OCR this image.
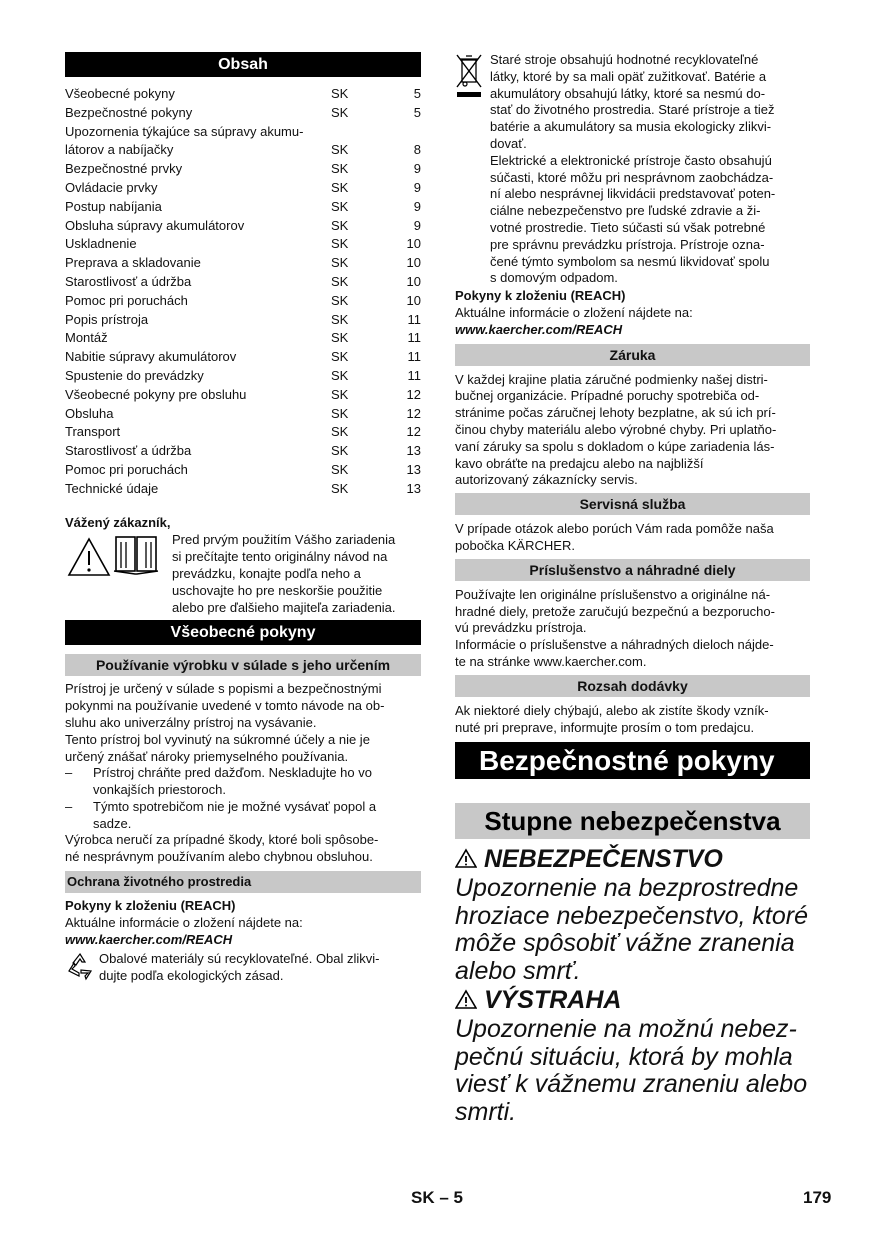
Obsah
Všeobecné pokyny	SK	5
Bezpečnostné pokyny	SK	5
Upozornenia týkajúce sa súpravy akumu-
látorov a nabíjačky	SK	8
Bezpečnostné prvky	SK	9
Ovládacie prvky	SK	9
Postup nabíjania	SK	9
Obsluha súpravy akumulátorov	SK	9
Uskladnenie	SK	10
Preprava a skladovanie	SK	10
Starostlivosť a údržba	SK	10
Pomoc pri poruchách	SK	10
Popis prístroja	SK	11
Montáž	SK	11
Nabitie súpravy akumulátorov	SK	11
Spustenie do prevádzky	SK	11
Všeobecné pokyny pre obsluhu	SK	12
Obsluha	SK	12
Transport	SK	12
Starostlivosť a údržba	SK	13
Pomoc pri poruchách	SK	13
Technické údaje	SK	13

Vážený zákazník,

Pred prvým použitím Vášho zariadenia

si prečítajte tento originálny návod na

prevádzku, konajte podľa neho a

uschovajte ho pre neskoršie použitie

alebo pre ďalšieho majiteľa zariadenia.

Všeobecné pokyny
Používanie výrobku v súlade s jeho určením

Prístroj je určený v súlade s popismi a bezpečnostnými

pokynmi na používanie uvedené v tomto návode na ob-

sluhu ako univerzálny prístroj na vysávanie.

Tento prístroj bol vyvinutý na súkromné účely a nie je

určený znášať nároky priemyselného používania.

– Prístroj chráňte pred dažďom. Neskladujte ho vo
vonkajších priestoroch.
– Týmto spotrebičom nie je možné vysávať popol a
sadze.

Výrobca neručí za prípadné škody, ktoré boli spôsobe-

né nesprávnym používaním alebo chybnou obsluhou.

Ochrana životného prostredia

Pokyny k zloženiu (REACH)

Aktuálne informácie o zložení nájdete na:

www.kaercher.com/REACH

Obalové materiály sú recyklovateľné. Obal zlikvi-

dujte podľa ekologických zásad.

Staré stroje obsahujú hodnotné recyklovateľné

látky, ktoré by sa mali opäť zužitkovať. Batérie a

akumulátory obsahujú látky, ktoré sa nesmú do-

stať do životného prostredia. Staré prístroje a tiež

batérie a akumulátory sa musia ekologicky zlikvi-

dovať.

Elektrické a elektronické prístroje často obsahujú

súčasti, ktoré môžu pri nesprávnom zaobchádza-

ní alebo nesprávnej likvidácii predstavovať poten-

ciálne nebezpečenstvo pre ľudské zdravie a ži-

votné prostredie. Tieto súčasti sú však potrebné

pre správnu prevádzku prístroja. Prístroje ozna-

čené týmto symbolom sa nesmú likvidovať spolu

s domovým odpadom.

Pokyny k zloženiu (REACH)

Aktuálne informácie o zložení nájdete na:

www.kaercher.com/REACH

Záruka

V každej krajine platia záručné podmienky našej distri-

bučnej organizácie. Prípadné poruchy spotrebiča od-

stránime počas záručnej lehoty bezplatne, ak sú ich prí-

činou chyby materiálu alebo výrobné chyby. Pri uplatňo-

vaní záruky sa spolu s dokladom o kúpe zariadenia lás-

kavo obráťte na predajcu alebo na najbližší

autorizovaný zákaznícky servis.

Servisná služba

V prípade otázok alebo porúch Vám rada pomôže naša

pobočka KÄRCHER.

Príslušenstvo a náhradné diely

Používajte len originálne príslušenstvo a originálne ná-

hradné diely, pretože zaručujú bezpečnú a bezporucho-

vú prevádzku prístroja.

Informácie o príslušenstve a náhradných dieloch nájde-

te na stránke www.kaercher.com.

Rozsah dodávky

Ak niektoré diely chýbajú, alebo ak zistíte škody vzník-

nuté pri preprave, informujte prosím o tom predajcu.

Bezpečnostné pokyny
Stupne nebezpečenstva
NEBEZPEČENSTVO
Upozornenie na bezprostredne
hroziace nebezpečenstvo, ktoré
môže spôsobiť vážne zranenia
alebo smrť.
VÝSTRAHA
Upozornenie na možnú nebez-
pečnú situáciu, ktorá by mohla
viesť k vážnemu zraneniu alebo
smrti.
SK – 5	179
